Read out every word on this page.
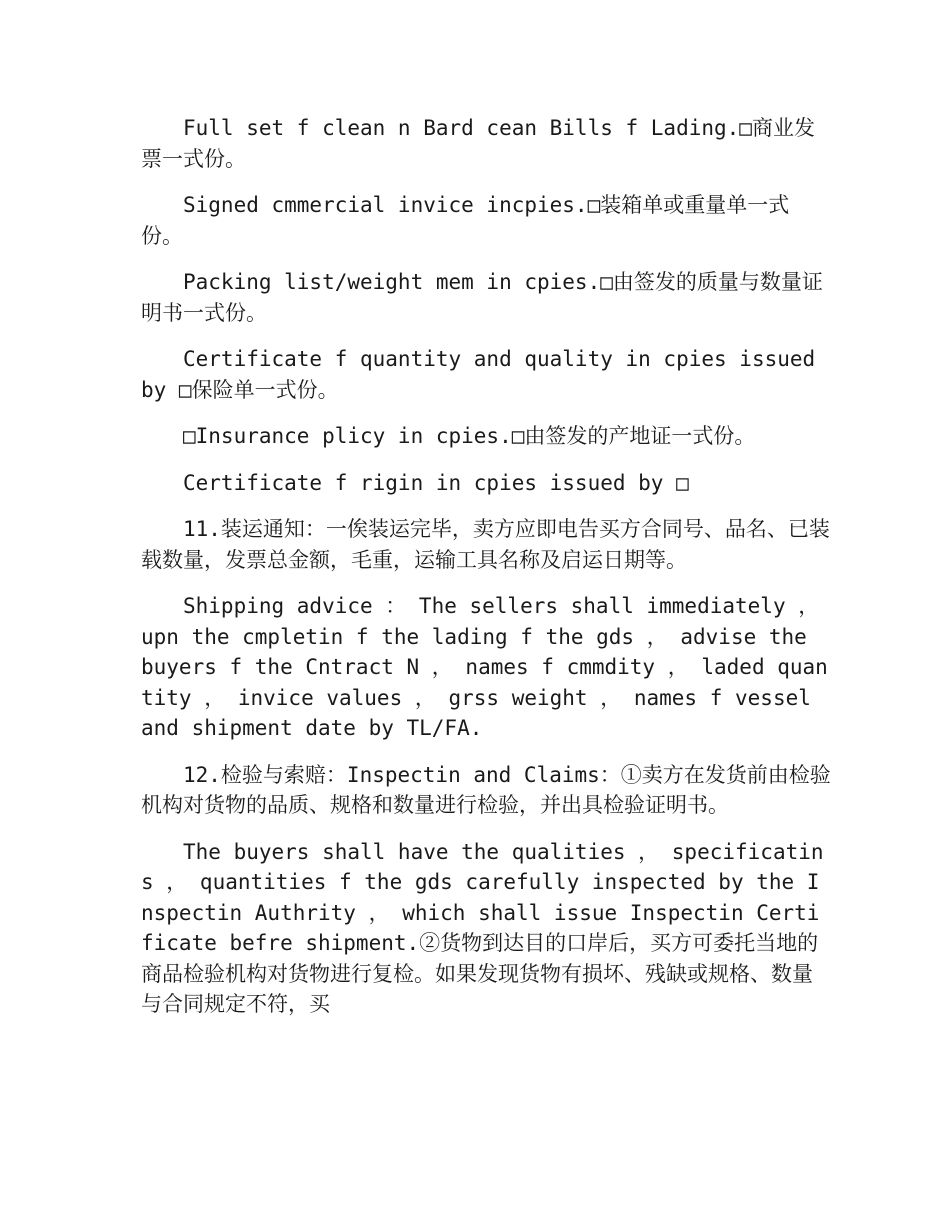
Full set f clean n Bard cean Bills f Lading.□商业发票一式份。

Signed cmmercial invice incpies.□装箱单或重量单一式份。

Packing list/weight mem in cpies.□由签发的质量与数量证明书一式份。

Certificate f quantity and quality in cpies issued by □保险单一式份。

□Insurance plicy in cpies.□由签发的产地证一式份。

Certificate f rigin in cpies issued by □

11.装运通知：一俟装运完毕，卖方应即电告买方合同号、品名、已装载数量，发票总金额，毛重，运输工具名称及启运日期等。

Shipping advice ： The sellers shall immediately ， upn the cmpletin f the lading f the gds ， advise the buyers f the Cntract N ， names f cmmdity ， laded quantity ， invice values ， grss weight ， names f vessel and shipment date by TL/FA.

12.检验与索赔：Inspectin and Claims：①卖方在发货前由检验机构对货物的品质、规格和数量进行检验，并出具检验证明书。

The buyers shall have the qualities ， specificatins ， quantities f the gds carefully inspected by the Inspectin Authrity ， which shall issue Inspectin Certificate befre shipment.②货物到达目的口岸后，买方可委托当地的商品检验机构对货物进行复检。如果发现货物有损坏、残缺或规格、数量与合同规定不符，买
